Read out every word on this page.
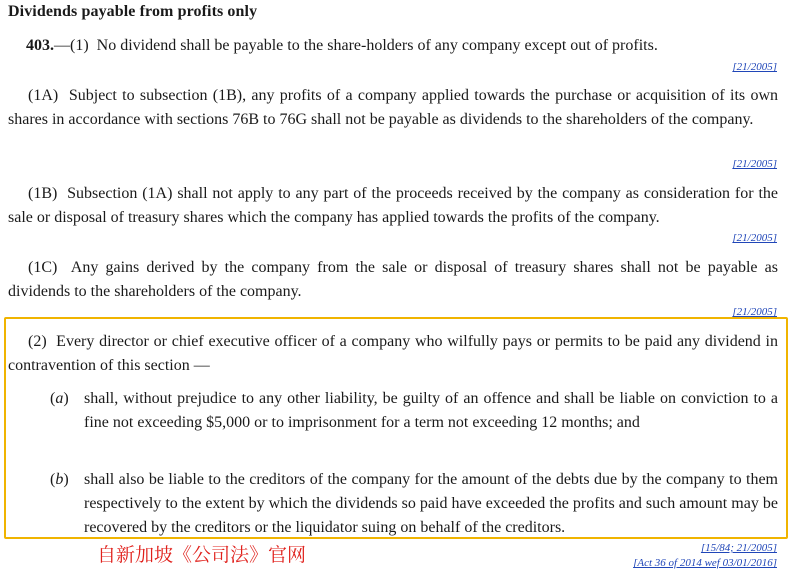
Dividends payable from profits only
403.—(1) No dividend shall be payable to the share-holders of any company except out of profits.
[21/2005]
(1A) Subject to subsection (1B), any profits of a company applied towards the purchase or acquisition of its own shares in accordance with sections 76B to 76G shall not be payable as dividends to the shareholders of the company.
[21/2005]
(1B) Subsection (1A) shall not apply to any part of the proceeds received by the company as consideration for the sale or disposal of treasury shares which the company has applied towards the profits of the company.
[21/2005]
(1C) Any gains derived by the company from the sale or disposal of treasury shares shall not be payable as dividends to the shareholders of the company.
[21/2005]
(2) Every director or chief executive officer of a company who wilfully pays or permits to be paid any dividend in contravention of this section —
(a) shall, without prejudice to any other liability, be guilty of an offence and shall be liable on conviction to a fine not exceeding $5,000 or to imprisonment for a term not exceeding 12 months; and
(b) shall also be liable to the creditors of the company for the amount of the debts due by the company to them respectively to the extent by which the dividends so paid have exceeded the profits and such amount may be recovered by the creditors or the liquidator suing on behalf of the creditors.
自新加坡《公司法》官网	[15/84; 21/2005]
[Act 36 of 2014 wef 03/01/2016]
